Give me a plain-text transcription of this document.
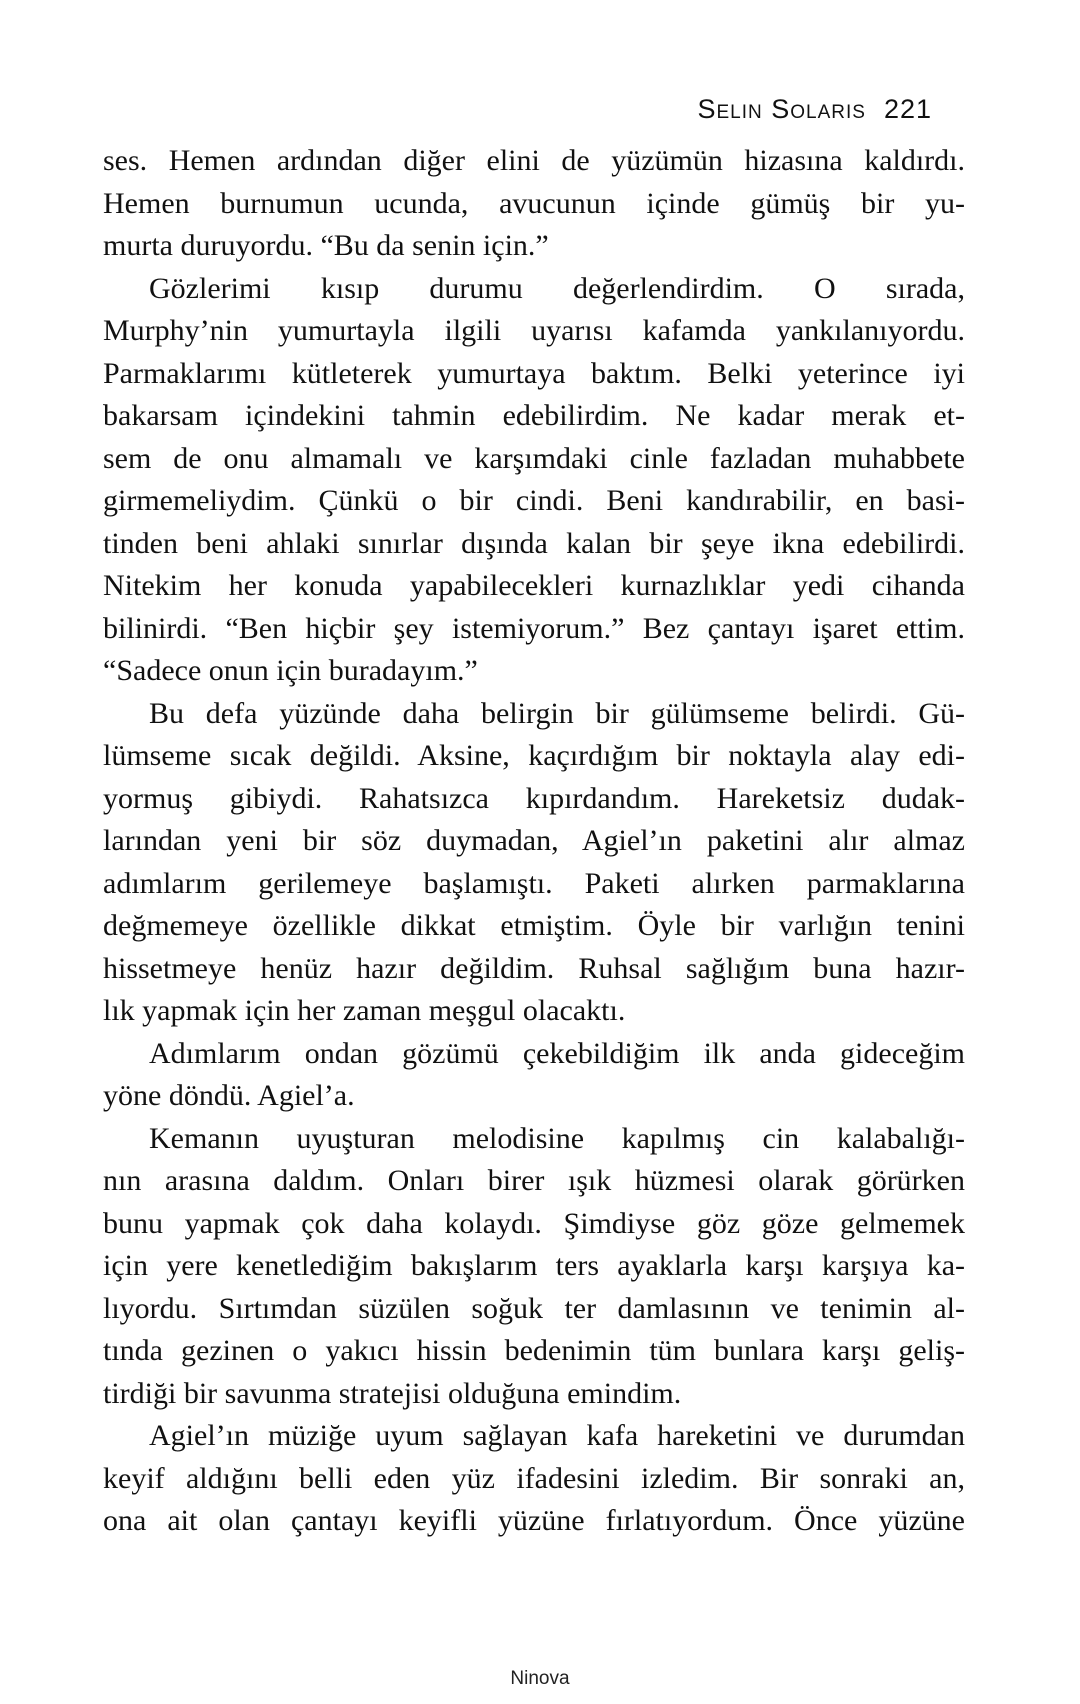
Selin Solaris 221
ses. Hemen ardından diğer elini de yüzümün hizasına kaldırdı.
Hemen burnumun ucunda, avucunun içinde gümüş bir yu-
murta duruyordu. “Bu da senin için.”
Gözlerimi kısıp durumu değerlendirdim. O sırada,
Murphy’nin yumurtayla ilgili uyarısı kafamda yankılanıyordu.
Parmaklarımı kütleterek yumurtaya baktım. Belki yeterince iyi
bakarsam içindekini tahmin edebilirdim. Ne kadar merak et-
sem de onu almamalı ve karşımdaki cinle fazladan muhabbete
girmemeliydim. Çünkü o bir cindi. Beni kandırabilir, en basi-
tinden beni ahlaki sınırlar dışında kalan bir şeye ikna edebilirdi.
Nitekim her konuda yapabilecekleri kurnazlıklar yedi cihanda
bilinirdi. “Ben hiçbir şey istemiyorum.” Bez çantayı işaret ettim.
“Sadece onun için buradayım.”
Bu defa yüzünde daha belirgin bir gülümseme belirdi. Gü-
lümseme sıcak değildi. Aksine, kaçırdığım bir noktayla alay edi-
yormuş gibiydi. Rahatsızca kıpırdandım. Hareketsiz dudak-
larından yeni bir söz duymadan, Agiel’ın paketini alır almaz
adımlarım gerilemeye başlamıştı. Paketi alırken parmaklarına
değmemeye özellikle dikkat etmiştim. Öyle bir varlığın tenini
hissetmeye henüz hazır değildim. Ruhsal sağlığım buna hazır-
lık yapmak için her zaman meşgul olacaktı.
Adımlarım ondan gözümü çekebildiğim ilk anda gideceğim
yöne döndü. Agiel’a.
Kemanın uyuşturan melodisine kapılmış cin kalabalığı-
nın arasına daldım. Onları birer ışık hüzmesi olarak görürken
bunu yapmak çok daha kolaydı. Şimdiyse göz göze gelmemek
için yere kenetlediğim bakışlarım ters ayaklarla karşı karşıya ka-
lıyordu. Sırtımdan süzülen soğuk ter damlasının ve tenimin al-
tında gezinen o yakıcı hissin bedenimin tüm bunlara karşı geliş-
tirdiği bir savunma stratejisi olduğuna emindim.
Agiel’ın müziğe uyum sağlayan kafa hareketini ve durumdan
keyif aldığını belli eden yüz ifadesini izledim. Bir sonraki an,
ona ait olan çantayı keyifli yüzüne fırlatıyordum. Önce yüzüne
Ninova
